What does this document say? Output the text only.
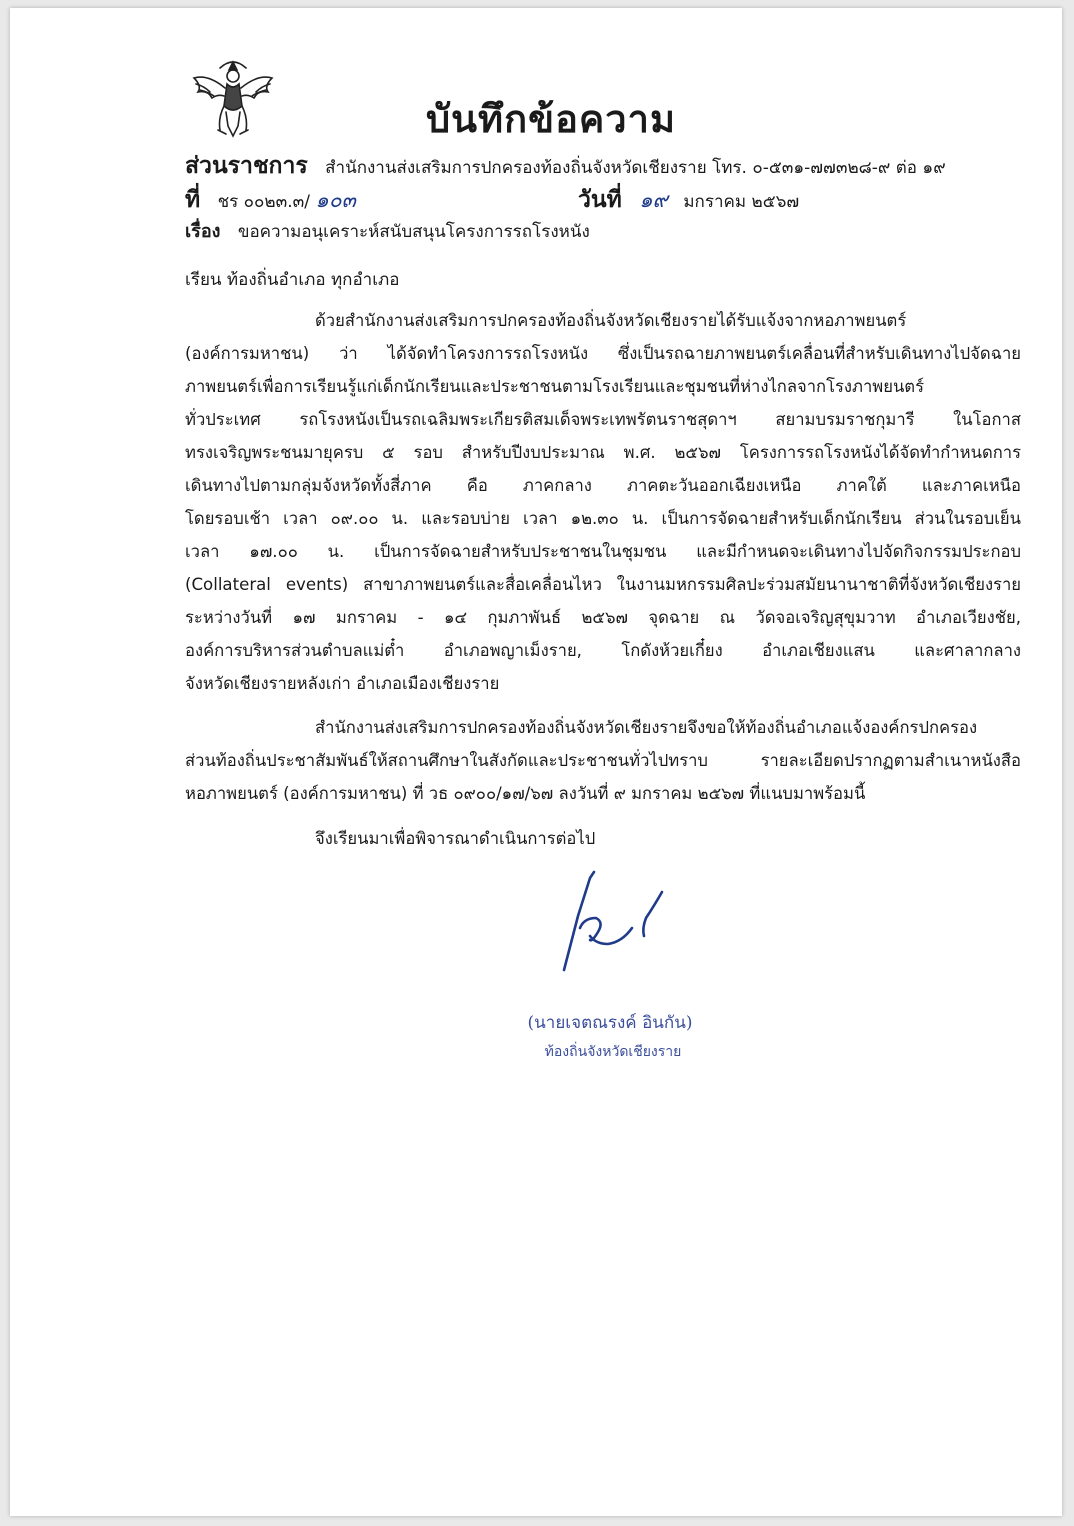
บันทึกข้อความ
ส่วนราชการ สำนักงานส่งเสริมการปกครองท้องถิ่นจังหวัดเชียงราย โทร. ๐-๕๓๑-๗๗๓๒๘-๙ ต่อ ๑๙
ที่ ชร ๐๐๒๓.๓/ ๑๐๓	วันที่ ๑๙ มกราคม ๒๕๖๗
เรื่อง ขอความอนุเคราะห์สนับสนุนโครงการรถโรงหนัง
เรียน ท้องถิ่นอำเภอ ทุกอำเภอ
ด้วยสำนักงานส่งเสริมการปกครองท้องถิ่นจังหวัดเชียงรายได้รับแจ้งจากหอภาพยนตร์
(องค์การมหาชน) ว่า ได้จัดทำโครงการรถโรงหนัง ซึ่งเป็นรถฉายภาพยนตร์เคลื่อนที่สำหรับเดินทางไปจัดฉาย
ภาพยนตร์เพื่อการเรียนรู้แก่เด็กนักเรียนและประชาชนตามโรงเรียนและชุมชนที่ห่างไกลจากโรงภาพยนตร์
ทั่วประเทศ รถโรงหนังเป็นรถเฉลิมพระเกียรติสมเด็จพระเทพรัตนราชสุดาฯ สยามบรมราชกุมารี ในโอกาส
ทรงเจริญพระชนมายุครบ ๕ รอบ สำหรับปีงบประมาณ พ.ศ. ๒๕๖๗ โครงการรถโรงหนังได้จัดทำกำหนดการ
เดินทางไปตามกลุ่มจังหวัดทั้งสี่ภาค คือ ภาคกลาง ภาคตะวันออกเฉียงเหนือ ภาคใต้ และภาคเหนือ
โดยรอบเช้า เวลา ๐๙.๐๐ น. และรอบบ่าย เวลา ๑๒.๓๐ น. เป็นการจัดฉายสำหรับเด็กนักเรียน ส่วนในรอบเย็น
เวลา ๑๗.๐๐ น. เป็นการจัดฉายสำหรับประชาชนในชุมชน และมีกำหนดจะเดินทางไปจัดกิจกรรมประกอบ
(Collateral events) สาขาภาพยนตร์และสื่อเคลื่อนไหว ในงานมหกรรมศิลปะร่วมสมัยนานาชาติที่จังหวัดเชียงราย
ระหว่างวันที่ ๑๗ มกราคม - ๑๔ กุมภาพันธ์ ๒๕๖๗ จุดฉาย ณ วัดจอเจริญสุขุมวาท อำเภอเวียงชัย,
องค์การบริหารส่วนตำบลแม่ต๋ำ อำเภอพญาเม็งราย, โกดังห้วยเกี๋ยง อำเภอเชียงแสน และศาลากลาง
จังหวัดเชียงรายหลังเก่า อำเภอเมืองเชียงราย
สำนักงานส่งเสริมการปกครองท้องถิ่นจังหวัดเชียงรายจึงขอให้ท้องถิ่นอำเภอแจ้งองค์กรปกครอง
ส่วนท้องถิ่นประชาสัมพันธ์ให้สถานศึกษาในสังกัดและประชาชนทั่วไปทราบ รายละเอียดปรากฏตามสำเนาหนังสือ
หอภาพยนตร์ (องค์การมหาชน) ที่ วธ ๐๙๐๐/๑๗/๖๗ ลงวันที่ ๙ มกราคม ๒๕๖๗ ที่แนบมาพร้อมนี้
จึงเรียนมาเพื่อพิจารณาดำเนินการต่อไป
(นายเจตณรงค์ อินกัน)
ท้องถิ่นจังหวัดเชียงราย
